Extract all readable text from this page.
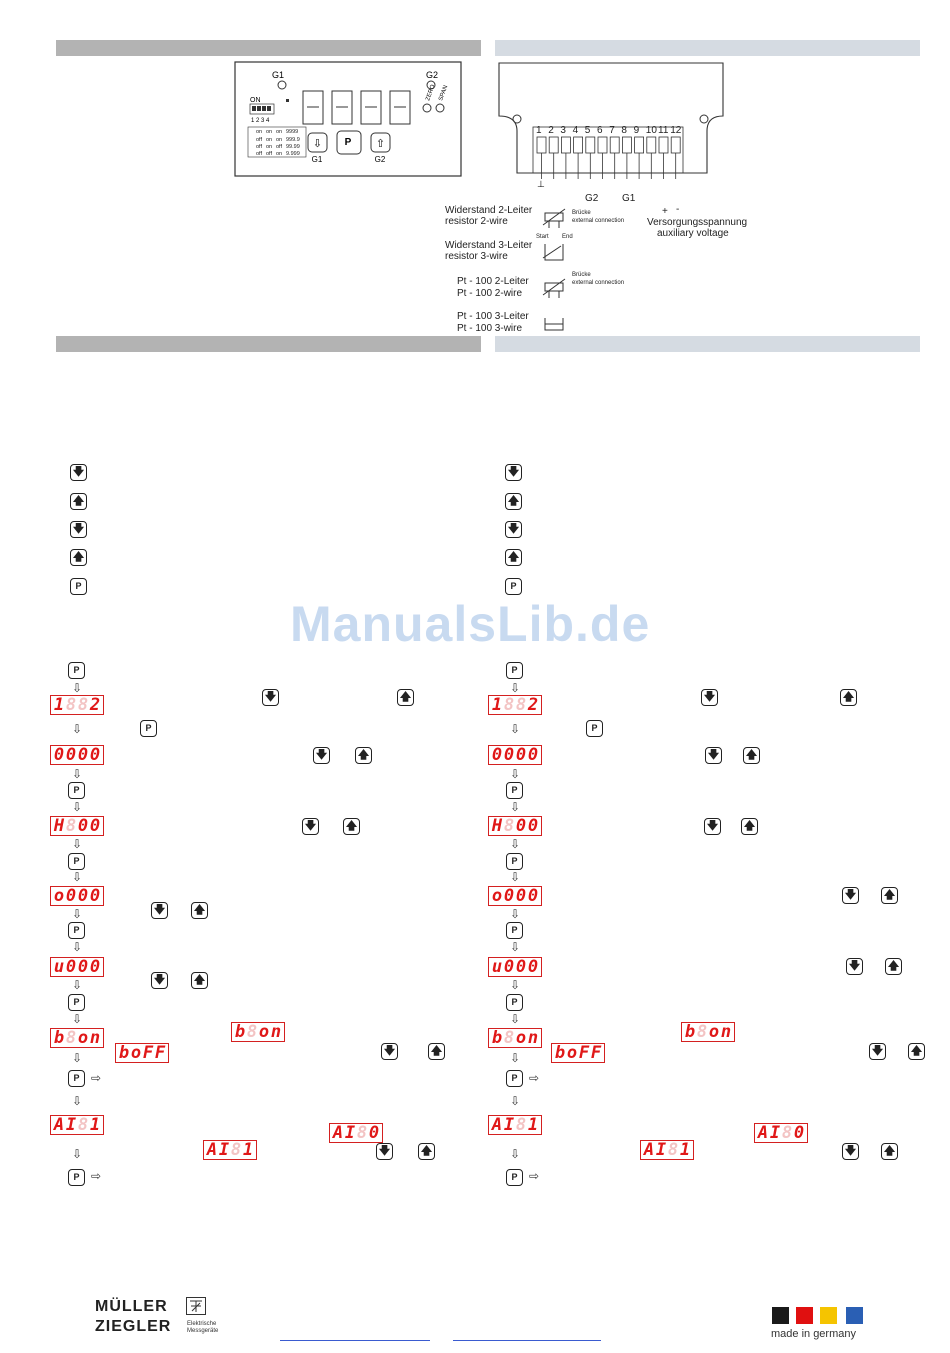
G1	G2
ON
1 2 3 4
on on on 9999
off on on 999.9
off on off 99.99
off off on 9.999
⇩ P ⇧
G1	G2
ZERO SPAN
⊥
1 2 3 4 5 6 7 8 9 10 11 12
G2 G1
+ -
Versorgungsspannung
auxiliary voltage
Widerstand 2-Leiter
resistor 2-wire
Brücke
external connection
Widerstand 3-Leiter
resistor 3-wire
Start End
Pt - 100 2-Leiter
Pt - 100 2-wire
Brücke
external connection
Pt - 100 3-Leiter
Pt - 100 3-wire
ManualsLib.de
🡇
🡅
🡇
🡅
P
🡇
🡅
🡇
🡅
P
P
⇩
1 8 8 2	🡇	🡅
⇩	P
0 0 0 0	🡇	🡅
⇩
P
⇩
H 8 0 0	🡇	🡅
⇩
P
⇩
o 0 0 0
🡇	🡅
⇩
P
⇩
u 0 0 0
🡇	🡅
⇩
P
⇩
b 8 o n	b 8 o n
b o F F	🡇	🡅
⇩
P ⇨
⇩
A I 8 1	A I 8 0
A I 8 1	🡇	🡅
⇩
P ⇨
P
⇩
1 8 8 2	🡇	🡅
⇩	P
0 0 0 0	🡇 🡅
⇩
P
⇩
H 8 0 0	🡇 🡅
⇩
P
⇩
o 0 0 0	🡇	🡅
⇩
P
⇩
u 0 0 0	🡇	🡅
⇩
P
⇩
b 8 o n	b 8 o n
b o F F	🡇	🡅
⇩
P ⇨
⇩
A I 8 1	A I 8 0
A I 8 1	🡇	🡅
⇩
P ⇨
MÜLLER
ZIEGLER	Elektrische
Messgeräte	made in germany
